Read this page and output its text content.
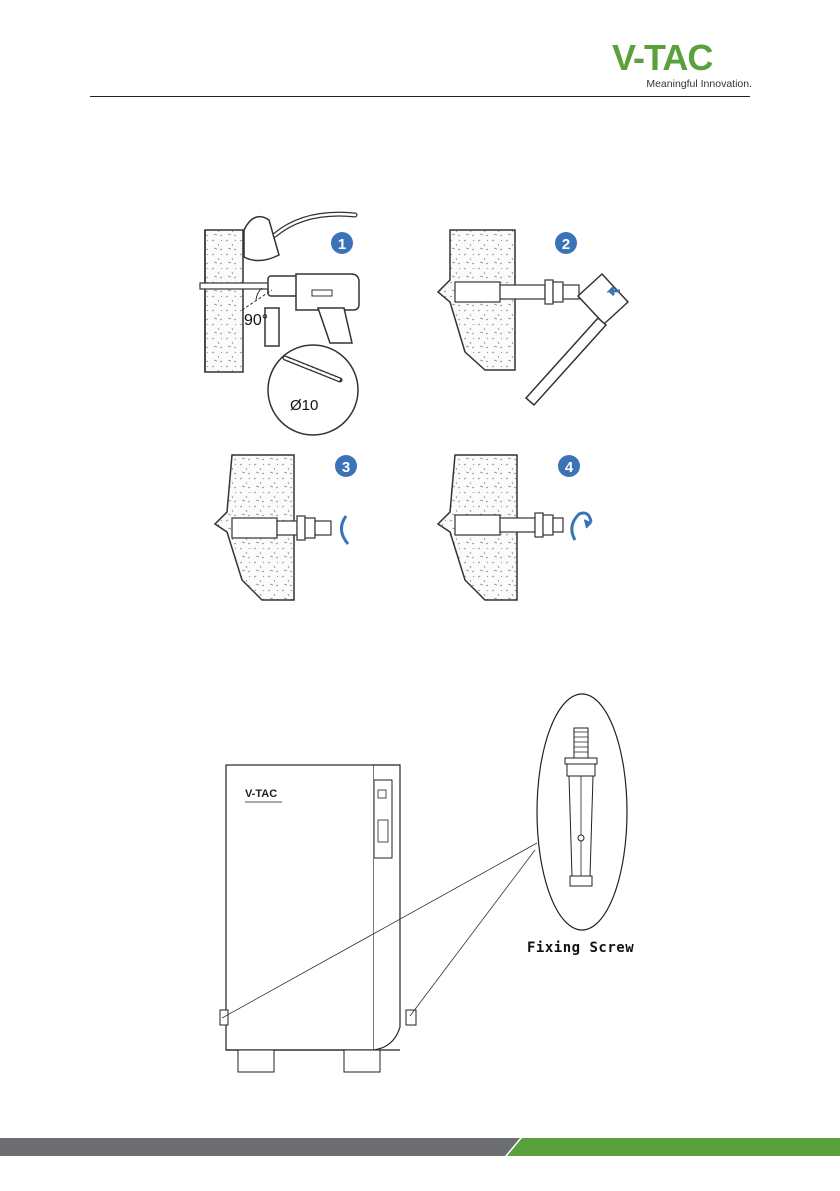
V-TAC
Meaningful Innovation.
90°
Ø10
1	2
3	4
V-TAC
Fixing Screw
